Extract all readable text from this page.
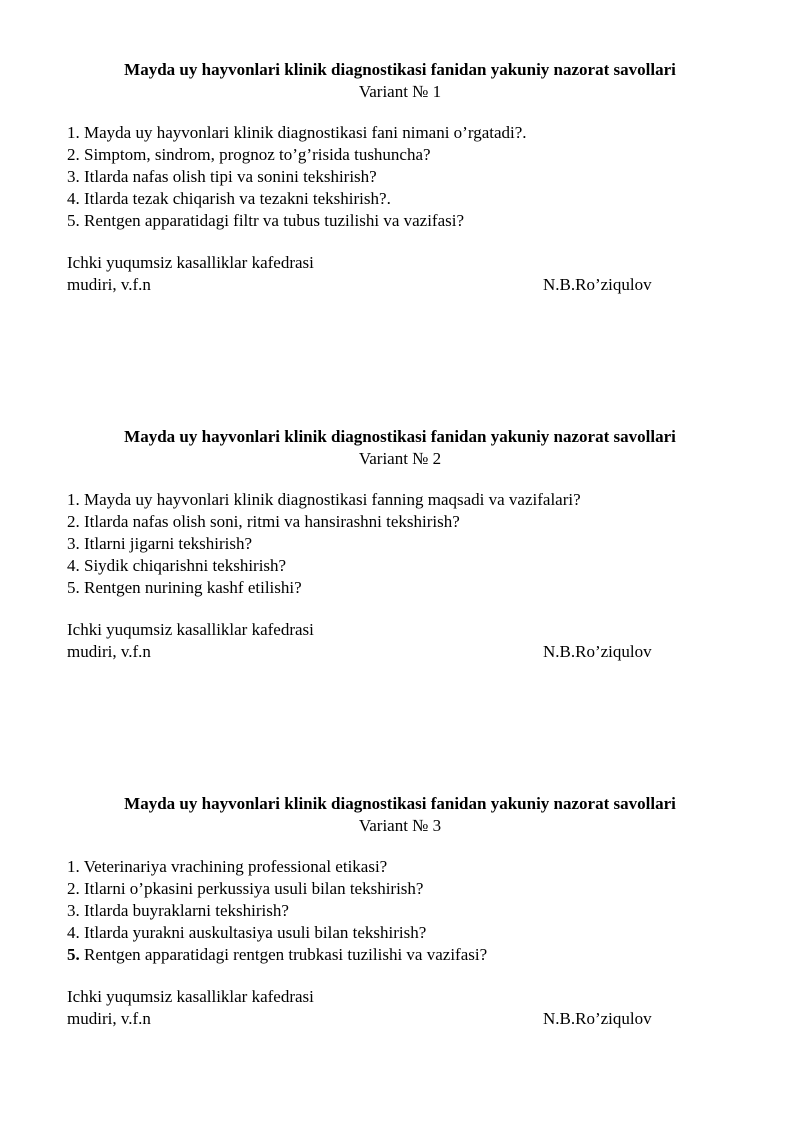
Mayda uy hayvonlari klinik diagnostikasi fanidan yakuniy nazorat savollari
Variant № 1
1. Mayda uy hayvonlari klinik diagnostikasi fani nimani o’rgatadi?.
2. Simptom, sindrom, prognoz to’g’risida tushuncha?
3. Itlarda nafas olish tipi va sonini tekshirish?
4. Itlarda tezak chiqarish va tezakni tekshirish?.
5. Rentgen apparatidagi filtr va tubus tuzilishi va vazifasi?
Ichki yuqumsiz kasalliklar kafedrasi
mudiri, v.f.n	N.B.Ro’ziqulov
Mayda uy hayvonlari klinik diagnostikasi fanidan yakuniy nazorat savollari
Variant № 2
1. Mayda uy hayvonlari klinik diagnostikasi fanning maqsadi va vazifalari?
2. Itlarda nafas olish soni, ritmi va hansirashni tekshirish?
3. Itlarni jigarni tekshirish?
4. Siydik chiqarishni tekshirish?
5. Rentgen nurining kashf etilishi?
Ichki yuqumsiz kasalliklar kafedrasi
mudiri, v.f.n	N.B.Ro’ziqulov
Mayda uy hayvonlari klinik diagnostikasi fanidan yakuniy nazorat savollari
Variant № 3
1. Veterinariya vrachining professional etikasi?
2. Itlarni o’pkasini perkussiya usuli bilan tekshirish?
3. Itlarda buyraklarni tekshirish?
4. Itlarda yurakni auskultasiya usuli bilan tekshirish?
5. Rentgen apparatidagi rentgen trubkasi tuzilishi va vazifasi?
Ichki yuqumsiz kasalliklar kafedrasi
mudiri, v.f.n	N.B.Ro’ziqulov
